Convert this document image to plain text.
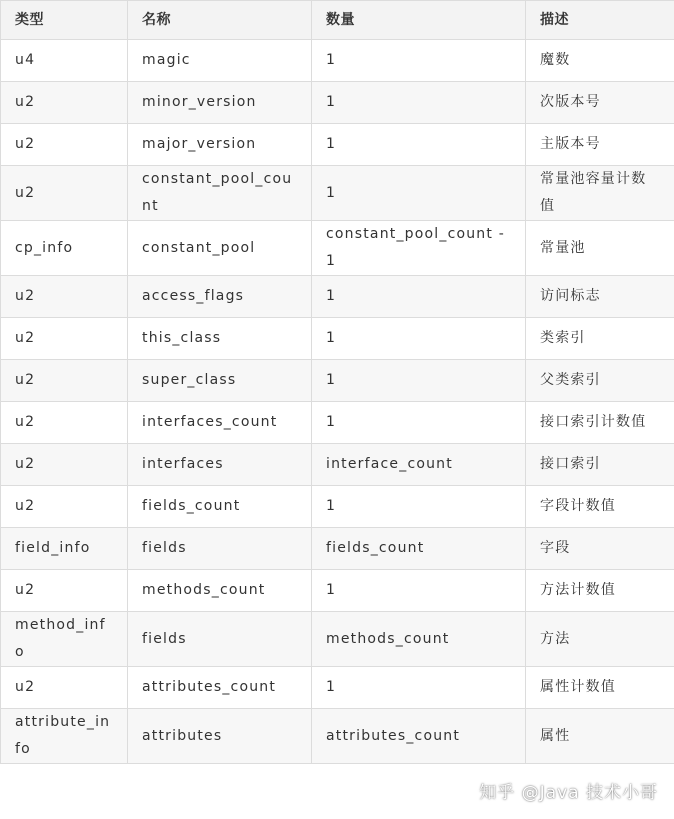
类型	名称	数量	描述
u4	magic	1	魔数
u2	minor_version	1	次版本号
u2	major_version	1	主版本号
u2	constant_pool_count	1	常量池容量计数值
cp_info	constant_pool	constant_pool_count - 1	常量池
u2	access_flags	1	访问标志
u2	this_class	1	类索引
u2	super_class	1	父类索引
u2	interfaces_count	1	接口索引计数值
u2	interfaces	interface_count	接口索引
u2	fields_count	1	字段计数值
field_info	fields	fields_count	字段
u2	methods_count	1	方法计数值
method_info	fields	methods_count	方法
u2	attributes_count	1	属性计数值
attribute_info	attributes	attributes_count	属性
知乎 @Java 技术小哥
